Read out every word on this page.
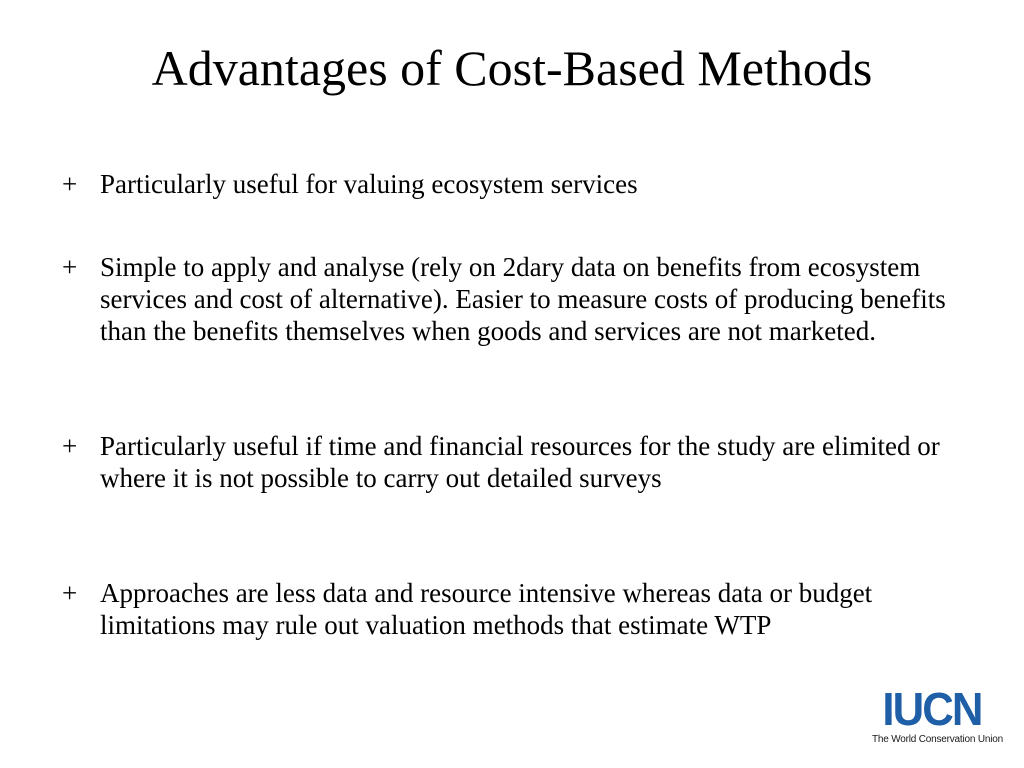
Advantages of Cost-Based Methods
+ Particularly useful for valuing ecosystem services
+ Simple to apply and analyse (rely on 2dary data on benefits from ecosystem services and cost of alternative). Easier to measure costs of producing benefits than the benefits themselves when goods and services are not marketed.
+ Particularly useful if time and financial resources for the study are elimited or where it is not possible to carry out detailed surveys
+ Approaches are less data and resource intensive whereas data or budget limitations may rule out valuation methods that estimate WTP
IUCN
The World Conservation Union
